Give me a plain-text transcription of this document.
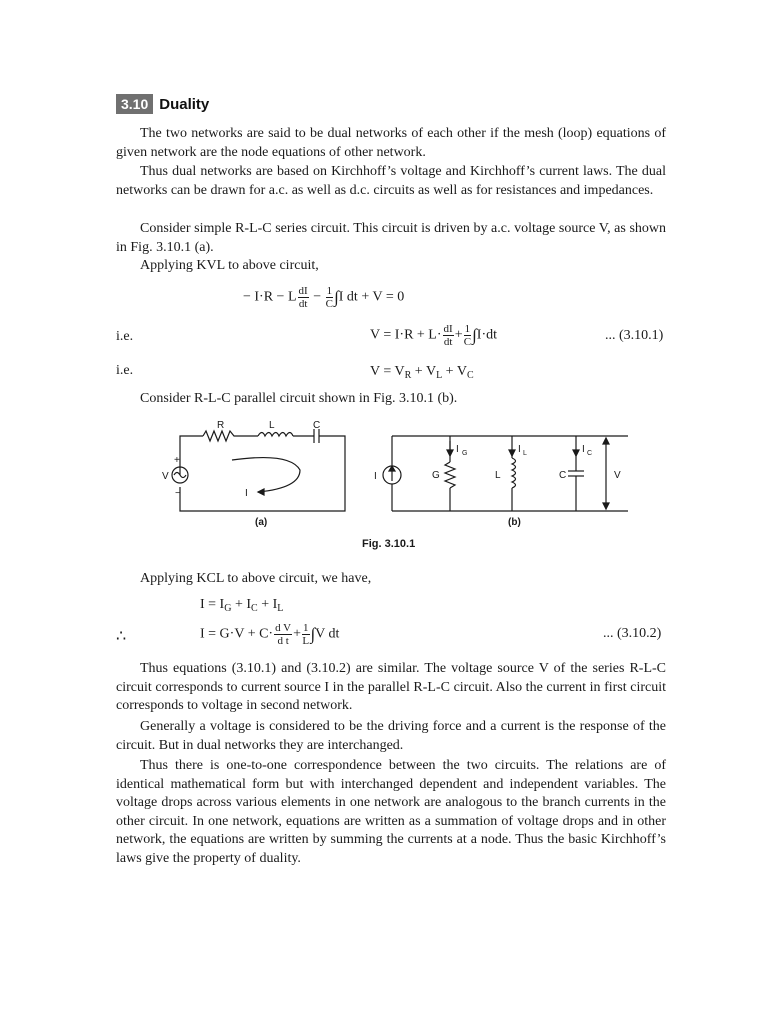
3.10 Duality

The two networks are said to be dual networks of each other if the mesh (loop) equations of given network are the node equations of other network.

Thus dual networks are based on Kirchhoff’s voltage and Kirchhoff’s current laws. The dual networks can be drawn for a.c. as well as d.c. circuits as well as for resistances and impedances.

Consider simple R-L-C series circuit. This circuit is driven by a.c. voltage source V, as shown in Fig. 3.10.1 (a).

Applying KVL to above circuit,

− I·R − L $\frac{dI}{dt} - \frac{1}{C} \int I$ dt + V = 0
i.e.	$V = I\cdot R + L\cdot \frac{dI}{dt} + \frac{1}{C} \int I\cdot dt$	... (3.10.1)
i.e.	$V = V_R + V_L + V_C$

Consider R-L-C parallel circuit shown in Fig. 3.10.1 (b).

R	L	C
V
+
−	I
(a)
I	G	L	C	V
I G	I L	I C
(b)
Fig. 3.10.1

Applying KCL to above circuit, we have,

$I = I_G + I_C + I_L$
∴	$I = G\cdot V + C\cdot \frac{\text{d V}}{\text{d t}} + \frac{1}{L} \int V$ dt	... (3.10.2)

Thus equations (3.10.1) and (3.10.2) are similar. The voltage source V of the series R-L-C circuit corresponds to current source I in the parallel R-L-C circuit. Also the current in first circuit corresponds to voltage in second network.

Generally a voltage is considered to be the driving force and a current is the response of the circuit. But in dual networks they are interchanged.

Thus there is one-to-one correspondence between the two circuits. The relations are of identical mathematical form but with interchanged dependent and independent variables. The voltage drops across various elements in one network are analogous to the branch currents in the other circuit. In one network, equations are written as a summation of voltage drops and in other network, the equations are written by summing the currents at a node. Thus the basic Kirchhoff’s laws give the property of duality.
